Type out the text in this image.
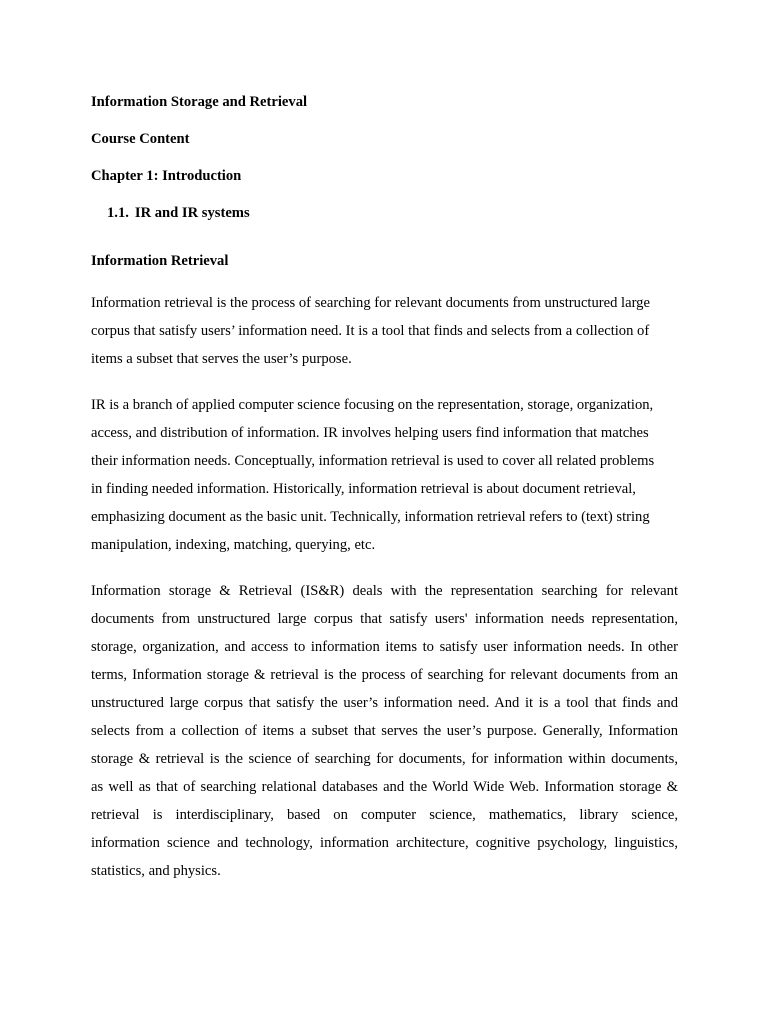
Information Storage and Retrieval

Course Content

Chapter 1: Introduction

1.1. IR and IR systems

Information Retrieval

Information retrieval is the process of searching for relevant documents from unstructured large
corpus that satisfy users’ information need. It is a tool that finds and selects from a collection of
items a subset that serves the user’s purpose.

IR is a branch of applied computer science focusing on the representation, storage, organization,
access, and distribution of information. IR involves helping users find information that matches
their information needs. Conceptually, information retrieval is used to cover all related problems
in finding needed information. Historically, information retrieval is about document retrieval,
emphasizing document as the basic unit. Technically, information retrieval refers to (text) string
manipulation, indexing, matching, querying, etc.

Information storage & Retrieval (IS&R) deals with the representation searching for relevant
documents from unstructured large corpus that satisfy users' information needs representation,
storage, organization, and access to information items to satisfy user information needs. In other
terms, Information storage & retrieval is the process of searching for relevant documents from an
unstructured large corpus that satisfy the user’s information need. And it is a tool that finds and
selects from a collection of items a subset that serves the user’s purpose. Generally, Information
storage & retrieval is the science of searching for documents, for information within documents,
as well as that of searching relational databases and the World Wide Web. Information storage &
retrieval is interdisciplinary, based on computer science, mathematics, library science,
information science and technology, information architecture, cognitive psychology, linguistics,
statistics, and physics.
